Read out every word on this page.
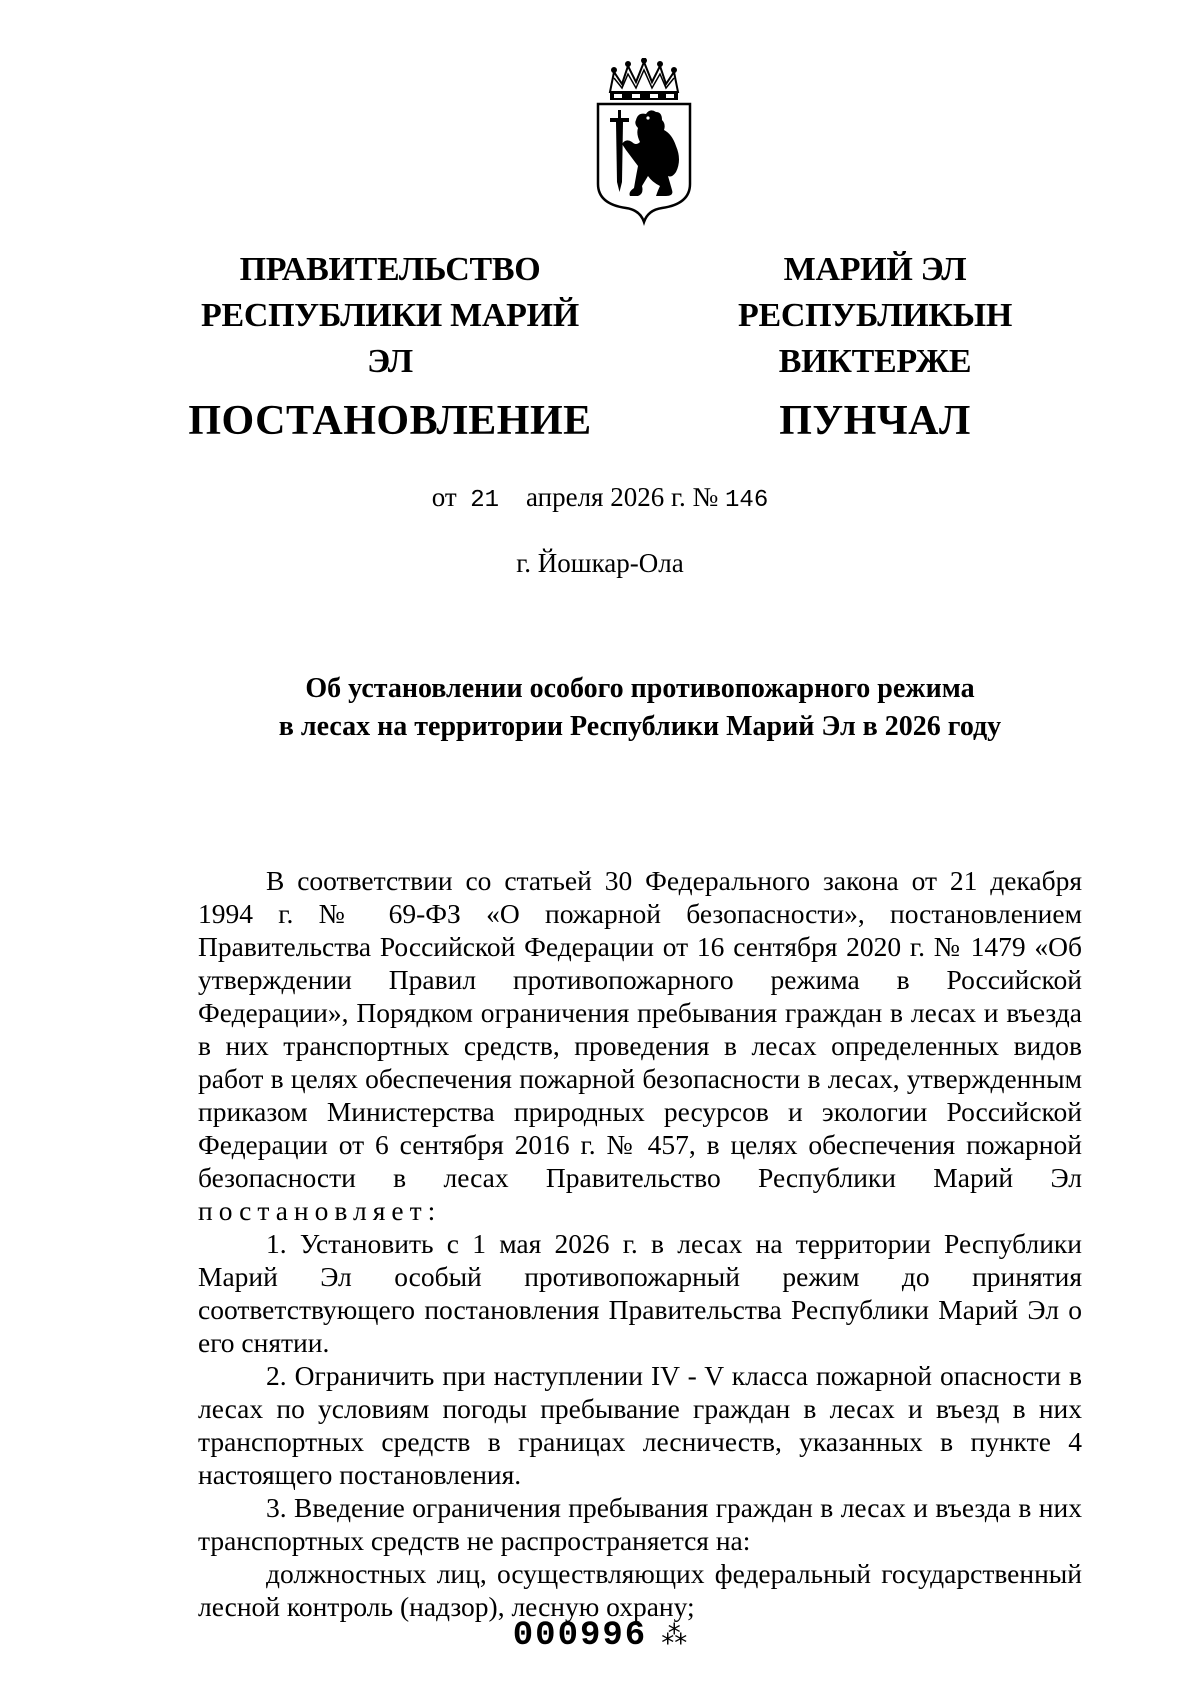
ПРАВИТЕЛЬСТВО
РЕСПУБЛИКИ МАРИЙ ЭЛ
ПОСТАНОВЛЕНИЕ
МАРИЙ ЭЛ РЕСПУБЛИКЫН
ВИКТЕРЖЕ
ПУНЧАЛ
от 21 апреля 2026 г. № 146
г. Йошкар-Ола
Об установлении особого противопожарного режима
в лесах на территории Республики Марий Эл в 2026 году

В соответствии со статьей 30 Федерального закона от 21 декабря 1994 г. № 69-ФЗ «О пожарной безопасности», постановлением Правительства Российской Федерации от 16 сентября 2020 г. № 1479 «Об утверждении Правил противопожарного режима в Российской Федерации», Порядком ограничения пребывания граждан в лесах и въезда в них транспортных средств, проведения в лесах определенных видов работ в целях обеспечения пожарной безопасности в лесах, утвержденным приказом Министерства природных ресурсов и экологии Российской Федерации от 6 сентября 2016 г. № 457, в целях обеспечения пожарной безопасности в лесах Правительство Республики Марий Эл постановляет:

1. Установить с 1 мая 2026 г. в лесах на территории Республики Марий Эл особый противопожарный режим до принятия соответствующего постановления Правительства Республики Марий Эл о его снятии.

2. Ограничить при наступлении IV - V класса пожарной опасности в лесах по условиям погоды пребывание граждан в лесах и въезд в них транспортных средств в границах лесничеств, указанных в пункте 4 настоящего постановления.

3. Введение ограничения пребывания граждан в лесах и въезда в них транспортных средств не распространяется на:

должностных лиц, осуществляющих федеральный государственный лесной контроль (надзор), лесную охрану;

000996 ⁂
